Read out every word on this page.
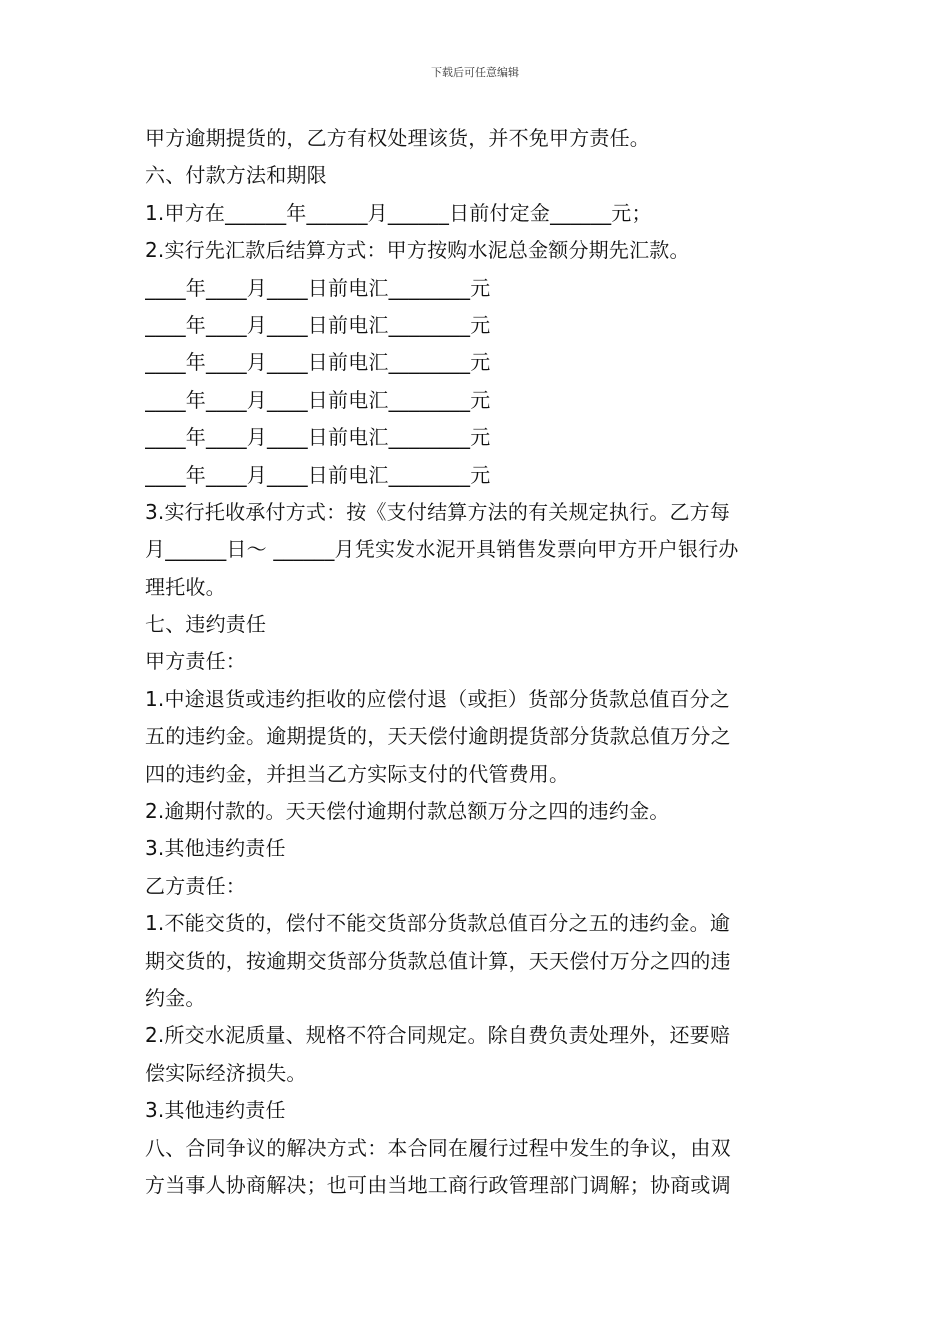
下载后可任意编辑
甲方逾期提货的，乙方有权处理该货，并不免甲方责任。
六、付款方法和期限
1.甲方在______年______月______日前付定金______元；
2.实行先汇款后结算方式：甲方按购水泥总金额分期先汇款。
____年____月____日前电汇________元
____年____月____日前电汇________元
____年____月____日前电汇________元
____年____月____日前电汇________元
____年____月____日前电汇________元
____年____月____日前电汇________元
3.实行托收承付方式：按《支付结算方法的有关规定执行。乙方每
月______日～ ______月凭实发水泥开具销售发票向甲方开户银行办
理托收。
七、违约责任
甲方责任：
1.中途退货或违约拒收的应偿付退（或拒）货部分货款总值百分之
五的违约金。逾期提货的，天天偿付逾朗提货部分货款总值万分之
四的违约金，并担当乙方实际支付的代管费用。
2.逾期付款的。天天偿付逾期付款总额万分之四的违约金。
3.其他违约责任
乙方责任：
1.不能交货的，偿付不能交货部分货款总值百分之五的违约金。逾
期交货的，按逾期交货部分货款总值计算，天天偿付万分之四的违
约金。
2.所交水泥质量、规格不符合同规定。除自费负责处理外，还要赔
偿实际经济损失。
3.其他违约责任
八、合同争议的解决方式：本合同在履行过程中发生的争议，由双
方当事人协商解决；也可由当地工商行政管理部门调解；协商或调
